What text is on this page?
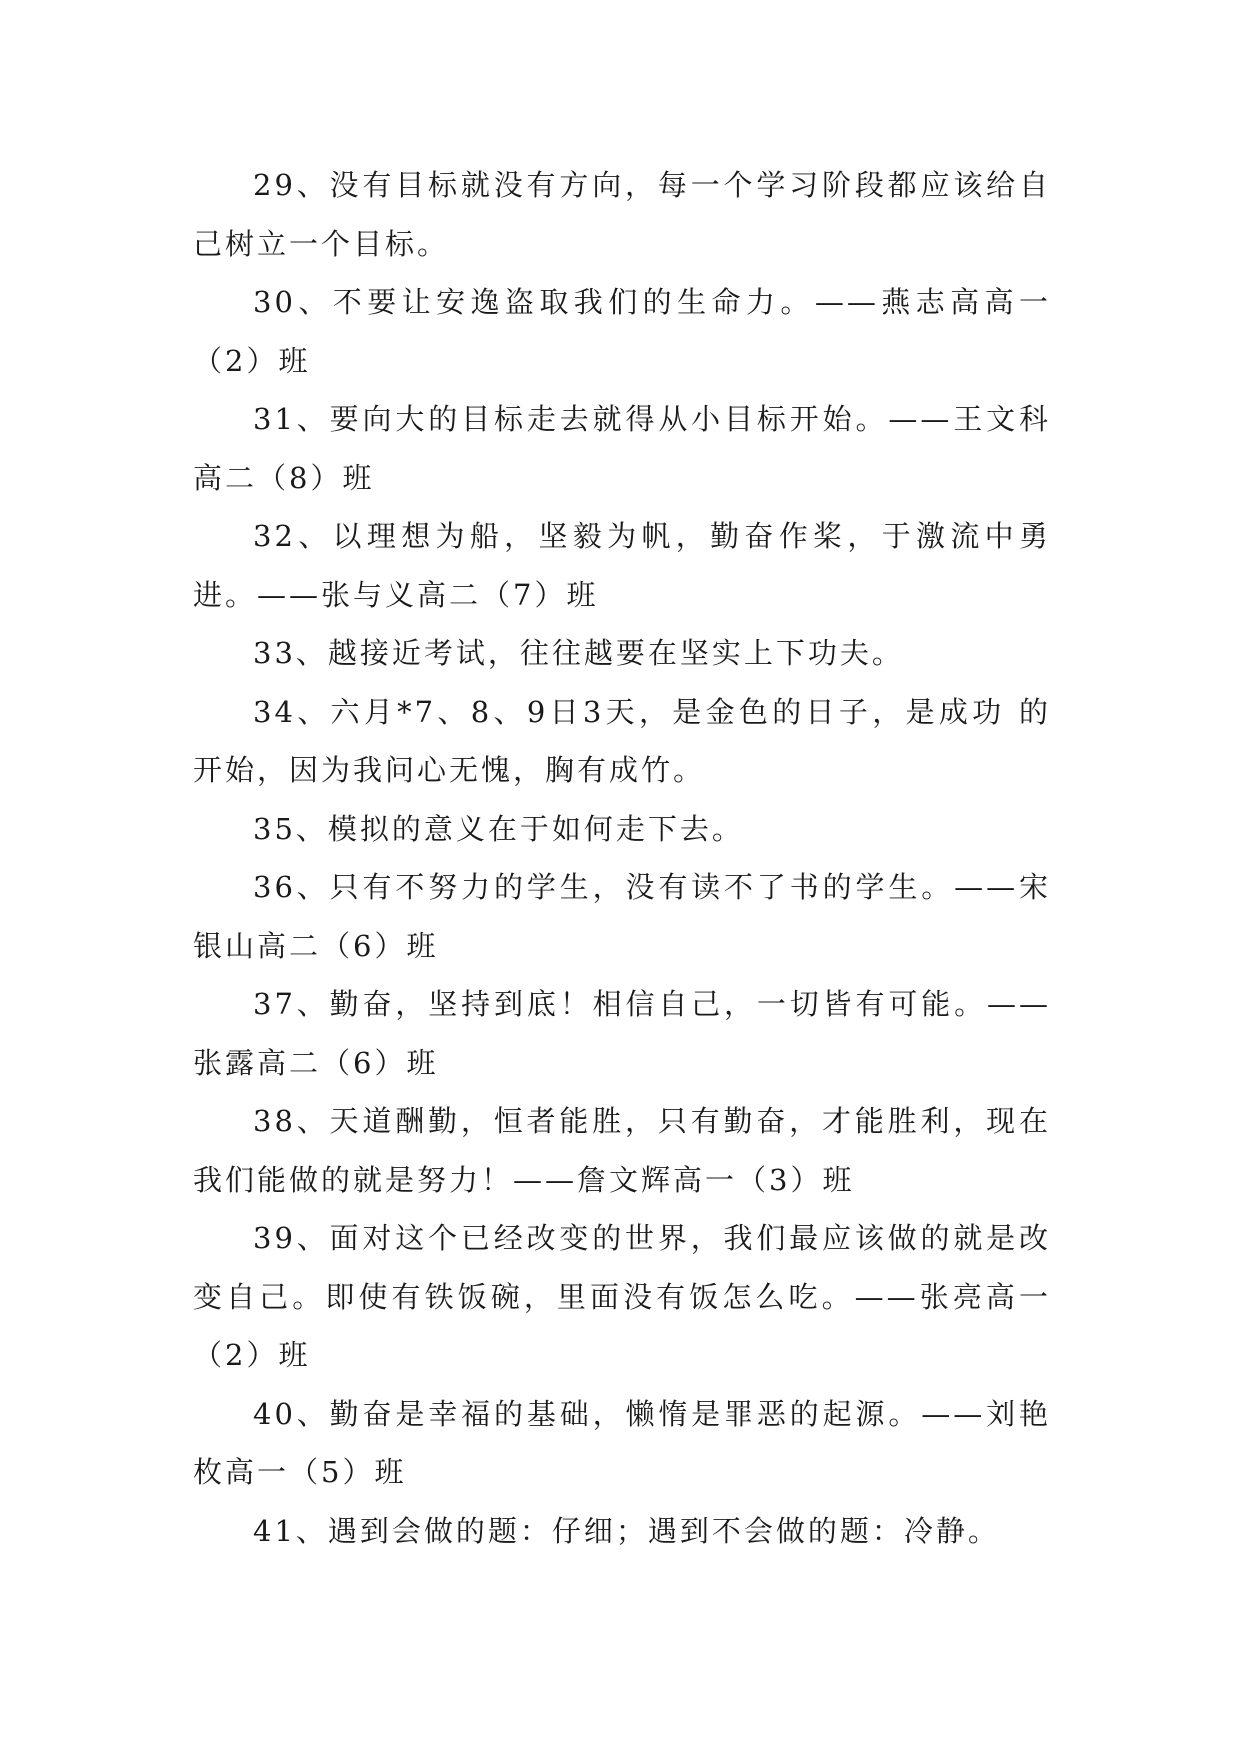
29、没有目标就没有方向，每一个学习阶段都应该给自己树立一个目标。

30、不要让安逸盗取我们的生命力。——燕志高高一（2）班

31、要向大的目标走去就得从小目标开始。——王文科高二（8）班

32、以理想为船，坚毅为帆，勤奋作桨，于激流中勇进。——张与义高二（7）班

33、越接近考试，往往越要在坚实上下功夫。

34、六月*7、8、9日3天，是金色的日子，是成功 的开始，因为我问心无愧，胸有成竹。

35、模拟的意义在于如何走下去。

36、只有不努力的学生，没有读不了书的学生。——宋银山高二（6）班

37、勤奋，坚持到底！相信自己，一切皆有可能。——张露高二（6）班

38、天道酬勤，恒者能胜，只有勤奋，才能胜利，现在我们能做的就是努力！——詹文辉高一（3）班

39、面对这个已经改变的世界，我们最应该做的就是改变自己。即使有铁饭碗，里面没有饭怎么吃。——张亮高一（2）班

40、勤奋是幸福的基础，懒惰是罪恶的起源。——刘艳枚高一（5）班

41、遇到会做的题：仔细；遇到不会做的题：冷静。
